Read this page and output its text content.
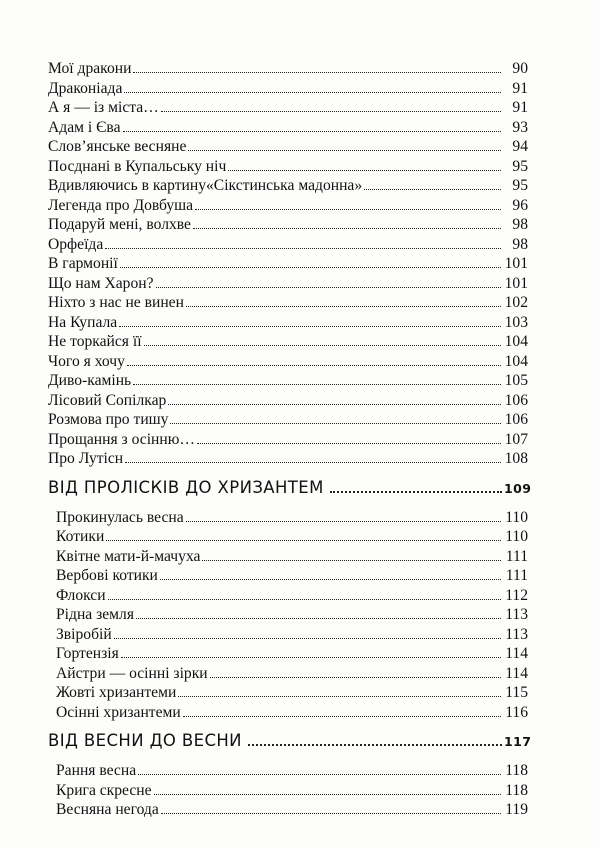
Мої дракони	90
Драконіада	91
А я — із міста…	91
Адам і Єва	93
Слов’янське весняне	94
Посднані в Купальську ніч	95
Вдивляючись в картину«Сікстинська мадонна»	95
Легенда про Довбуша	96
Подаруй мені, волхве	98
Орфеїда	98
В гармонії	101
Що нам Харон?	101
Ніхто з нас не винен	102
На Купала	103
Не торкайся її	104
Чого я хочу	104
Диво-камінь	105
Лісовий Сопілкар	106
Розмова про тишу	106
Прощання з осінню…	107
Про Лутісн	108
ВІД ПРОЛІСКІВ ДО ХРИЗАНТЕМ	109
Прокинулась весна	110
Котики	110
Квітне мати-й-мачуха	111
Вербові котики	111
Флокси	112
Рідна земля	113
Звіробій	113
Гортензія	114
Айстри — осінні зірки	114
Жовті хризантеми	115
Осінні хризантеми	116
ВІД ВЕСНИ ДО ВЕСНИ	117
Рання весна	118
Крига скресне	118
Весняна негода	119
